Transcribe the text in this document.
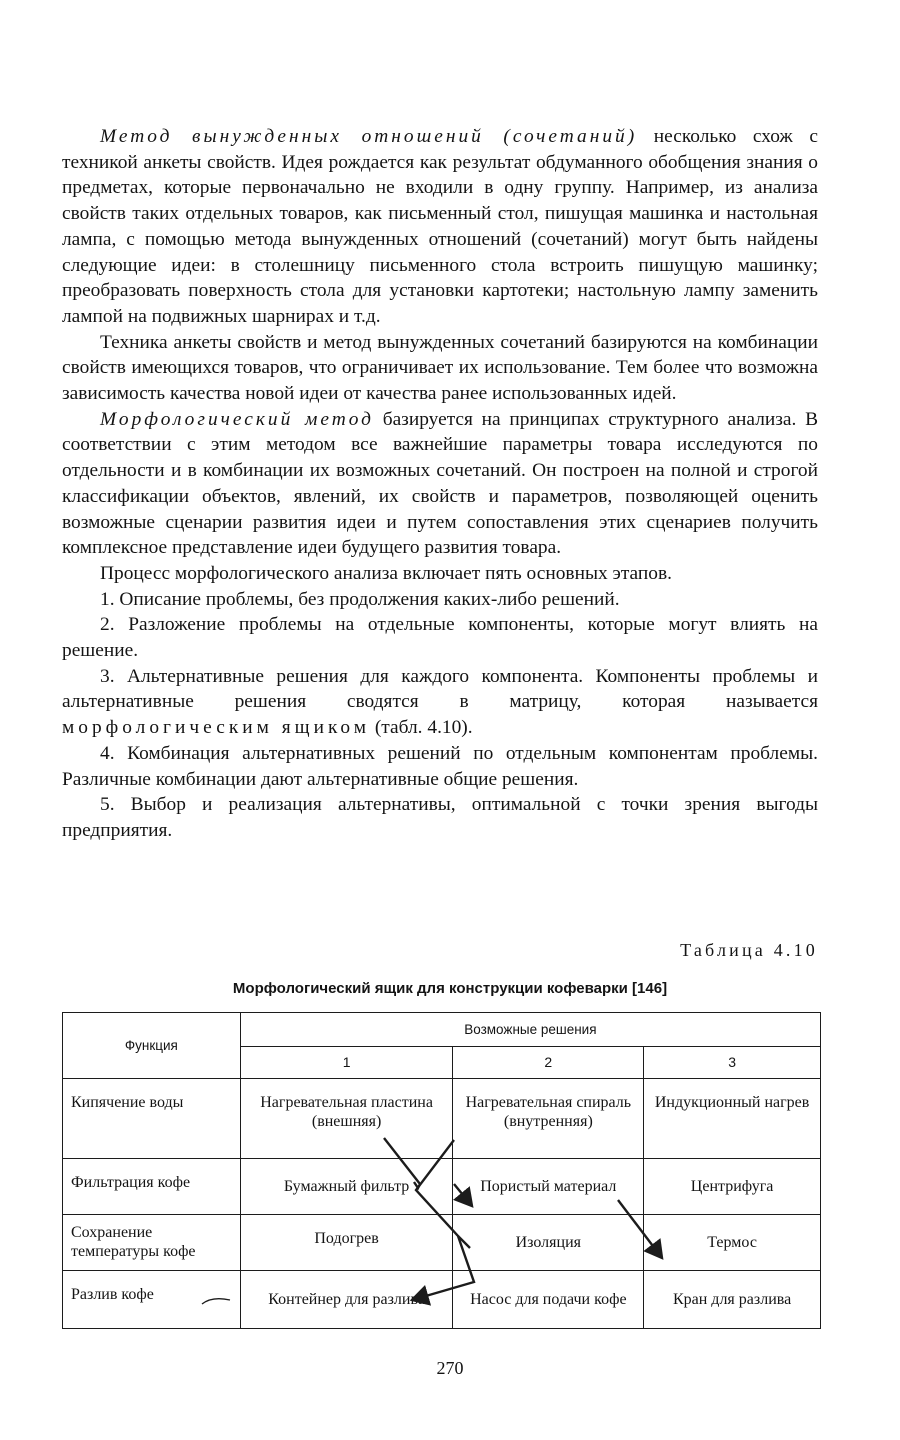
Метод вынужденных отношений (сочетаний) несколько схож с техникой анкеты свойств. Идея рождается как результат обдуманного обобщения знания о предметах, которые первоначально не входили в одну группу. Например, из анализа свойств таких отдельных товаров, как письменный стол, пишущая машинка и настольная лампа, с помощью метода вынужденных отношений (сочетаний) могут быть найдены следующие идеи: в столешницу письменного стола встроить пишущую машинку; преобразовать поверхность стола для установки картотеки; настольную лампу заменить лампой на подвижных шарнирах и т.д.

Техника анкеты свойств и метод вынужденных сочетаний базируются на комбинации свойств имеющихся товаров, что ограничивает их использование. Тем более что возможна зависимость качества новой идеи от качества ранее использованных идей.

Морфологический метод базируется на принципах структурного анализа. В соответствии с этим методом все важнейшие параметры товара исследуются по отдельности и в комбинации их возможных сочетаний. Он построен на полной и строгой классификации объектов, явлений, их свойств и параметров, позволяющей оценить возможные сценарии развития идеи и путем сопоставления этих сценариев получить комплексное представление идеи будущего развития товара.

Процесс морфологического анализа включает пять основных этапов.

1. Описание проблемы, без продолжения каких-либо решений.

2. Разложение проблемы на отдельные компоненты, которые могут влиять на решение.

3. Альтернативные решения для каждого компонента. Компоненты проблемы и альтернативные решения сводятся в матрицу, которая называется морфологическим ящиком (табл. 4.10).

4. Комбинация альтернативных решений по отдельным компонентам проблемы. Различные комбинации дают альтернативные общие решения.

5. Выбор и реализация альтернативы, оптимальной с точки зрения выгоды предприятия.

Таблица 4.10
Морфологический ящик для конструкции кофеварки [146]
Функция	Возможные решения		
	1	2	3
Кипячение воды	Нагревательная пластина (внешняя)	Нагревательная спираль (внутренняя)	Индукционный нагрев
Фильтрация кофе	Бумажный фильтр	Пористый материал	Центрифуга
Сохранение температуры кофе	Подогрев	Изоляция	Термос
Разлив кофе	Контейнер для разлива	Насос для подачи кофе	Кран для разлива
270
